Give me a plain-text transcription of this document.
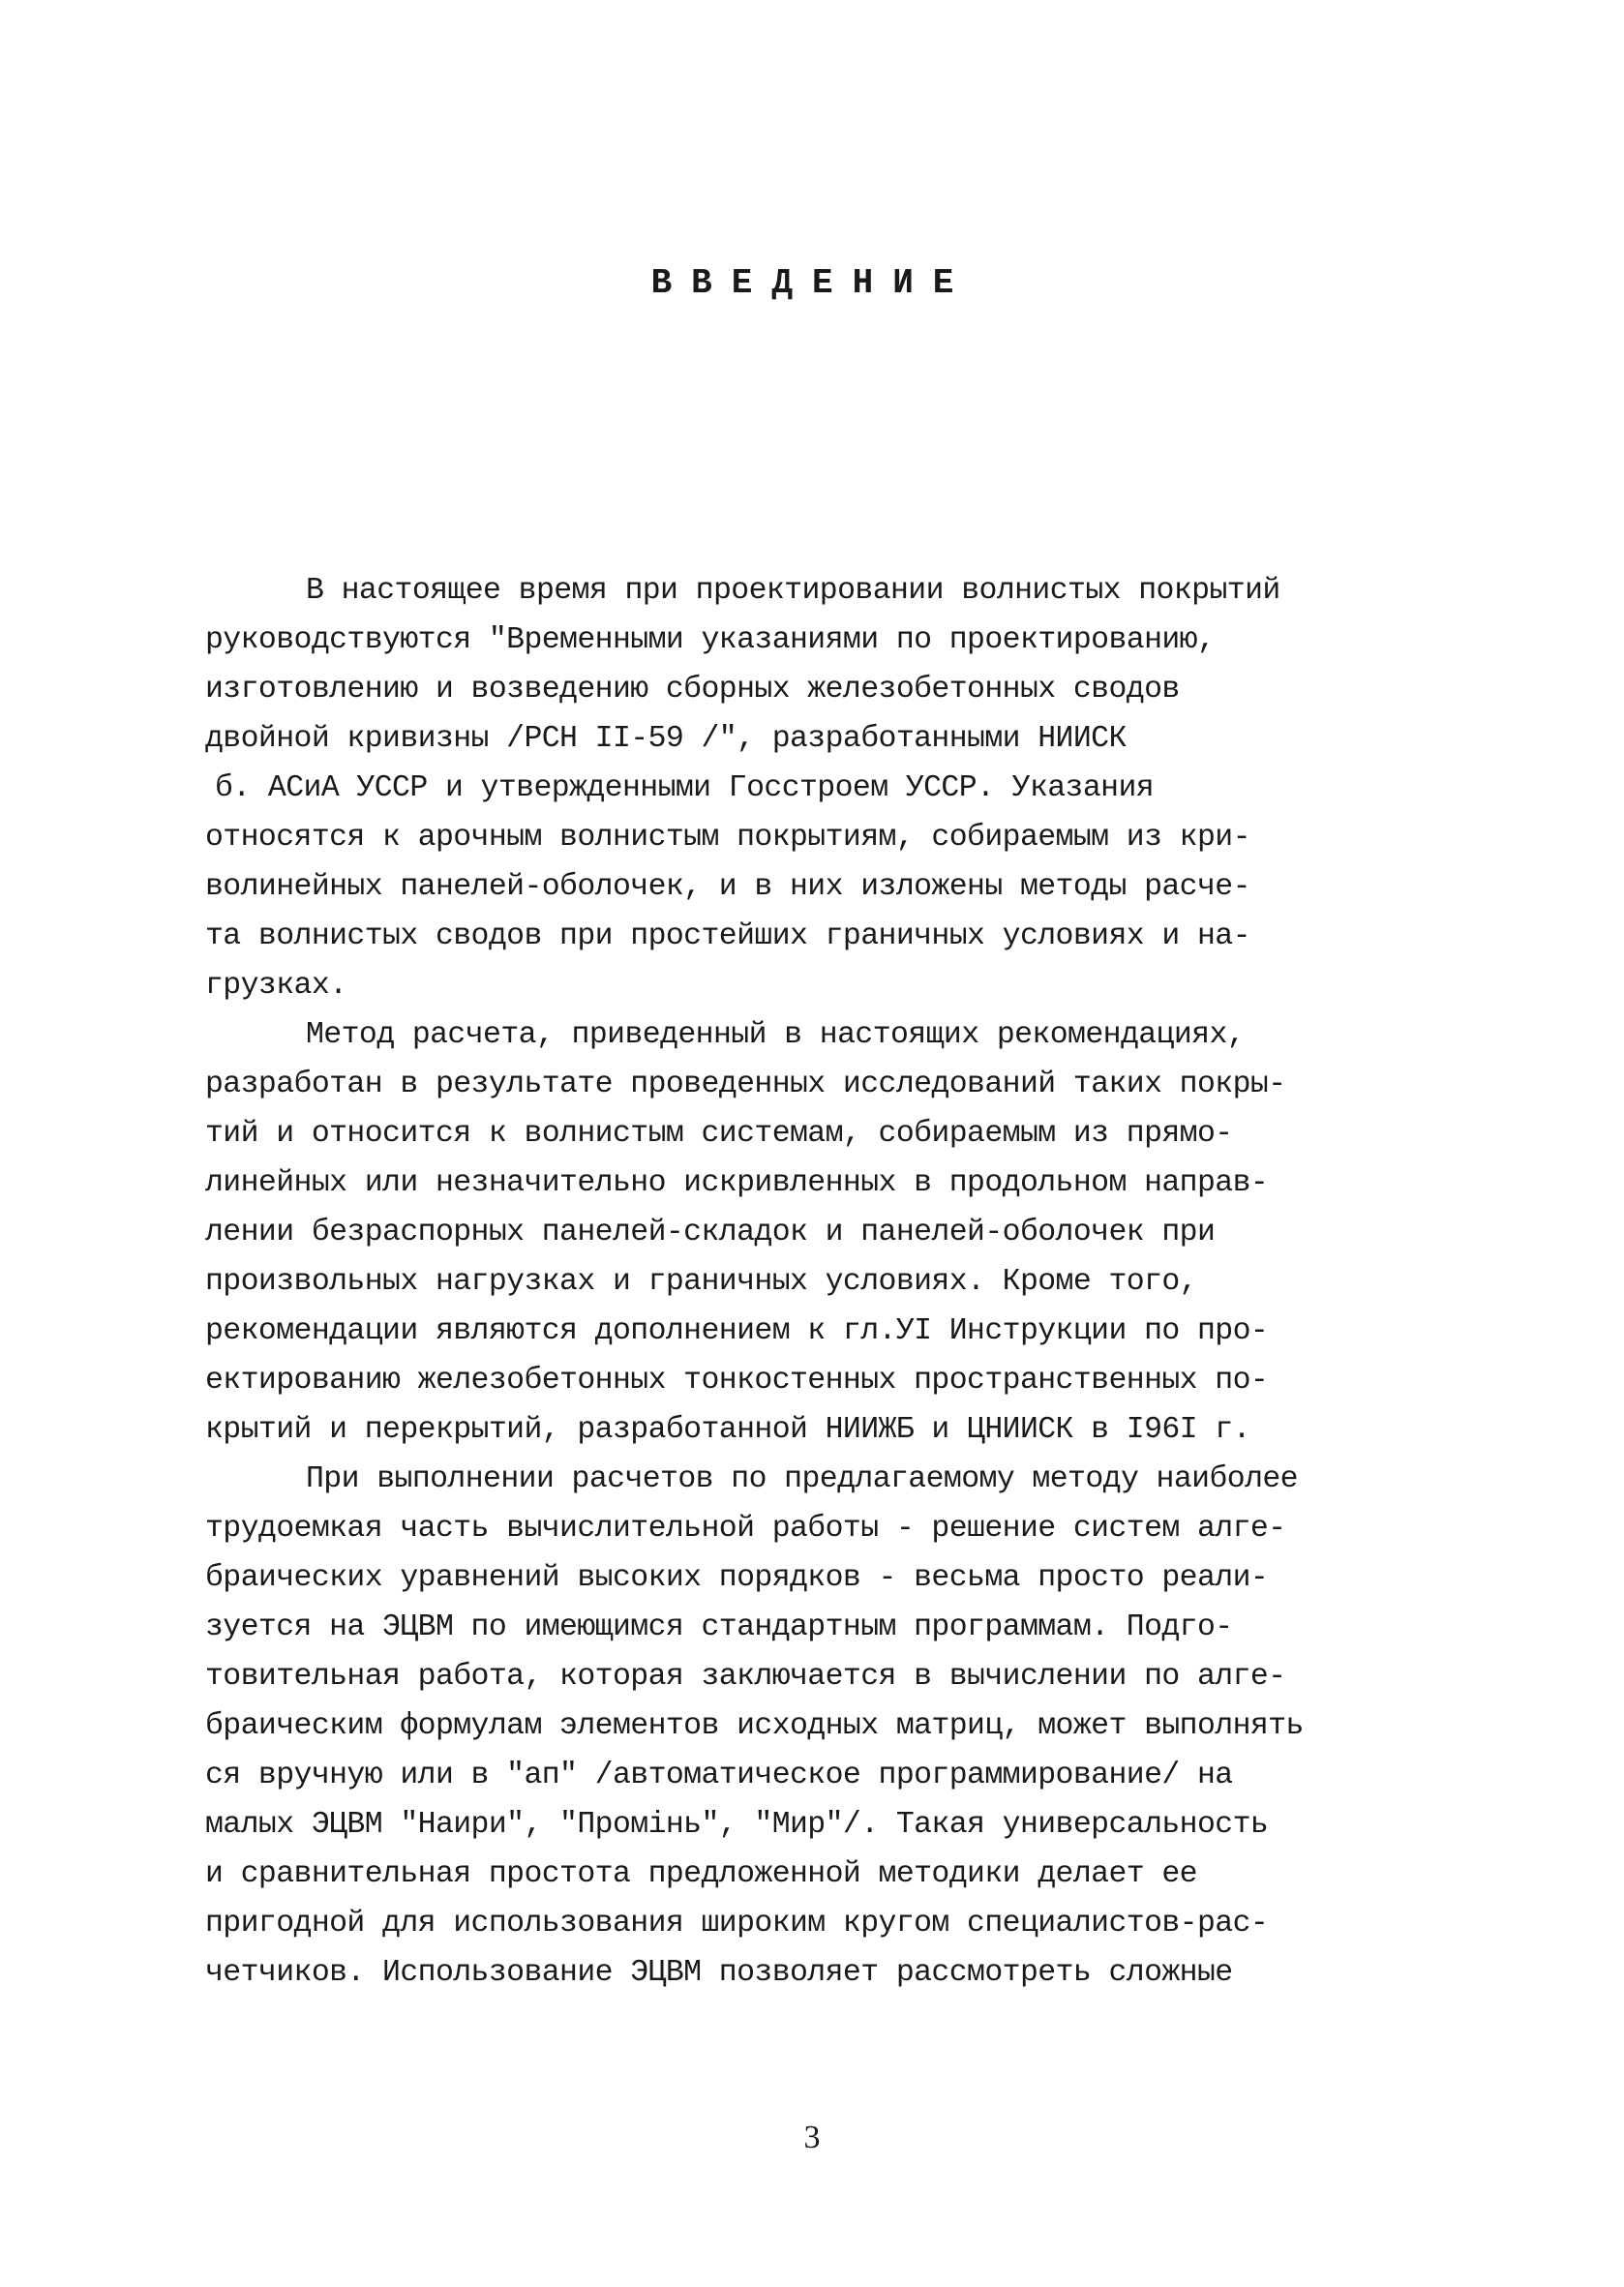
ВВЕДЕНИЕ
В настоящее время при проектировании волнистых покрытий
руководствуются "Временными указаниями по проектированию,
изготовлению и возведению сборных железобетонных сводов
двойной кривизны /РСН II-59 /", разработанными НИИСК
б. АСиА УССР и утвержденными Госстроем УССР. Указания
относятся к арочным волнистым покрытиям, собираемым из кри-
волинейных панелей-оболочек, и в них изложены методы расче-
та волнистых сводов при простейших граничных условиях и на-
грузках.
Метод расчета, приведенный в настоящих рекомендациях,
разработан в результате проведенных исследований таких покры-
тий и относится к волнистым системам, собираемым из прямо-
линейных или незначительно искривленных в продольном направ-
лении безраспорных панелей-складок и панелей-оболочек при
произвольных нагрузках и граничных условиях. Кроме того,
рекомендации являются дополнением к гл.УI Инструкции по про-
ектированию железобетонных тонкостенных пространственных по-
крытий и перекрытий, разработанной НИИЖБ и ЦНИИСК в I96I г.
При выполнении расчетов по предлагаемому методу наиболее
трудоемкая часть вычислительной работы - решение систем алге-
браических уравнений высоких порядков - весьма просто реали-
зуется на ЭЦВМ по имеющимся стандартным программам. Подго-
товительная работа, которая заключается в вычислении по алге-
браическим формулам элементов исходных матриц, может выполнять
ся вручную или в "ап" /автоматическое программирование/ на
малых ЭЦВМ "Наири", "Промінь", "Мир"/. Такая универсальность
и сравнительная простота предложенной методики делает ее
пригодной для использования широким кругом специалистов-рас-
четчиков. Использование ЭЦВМ позволяет рассмотреть сложные
3
